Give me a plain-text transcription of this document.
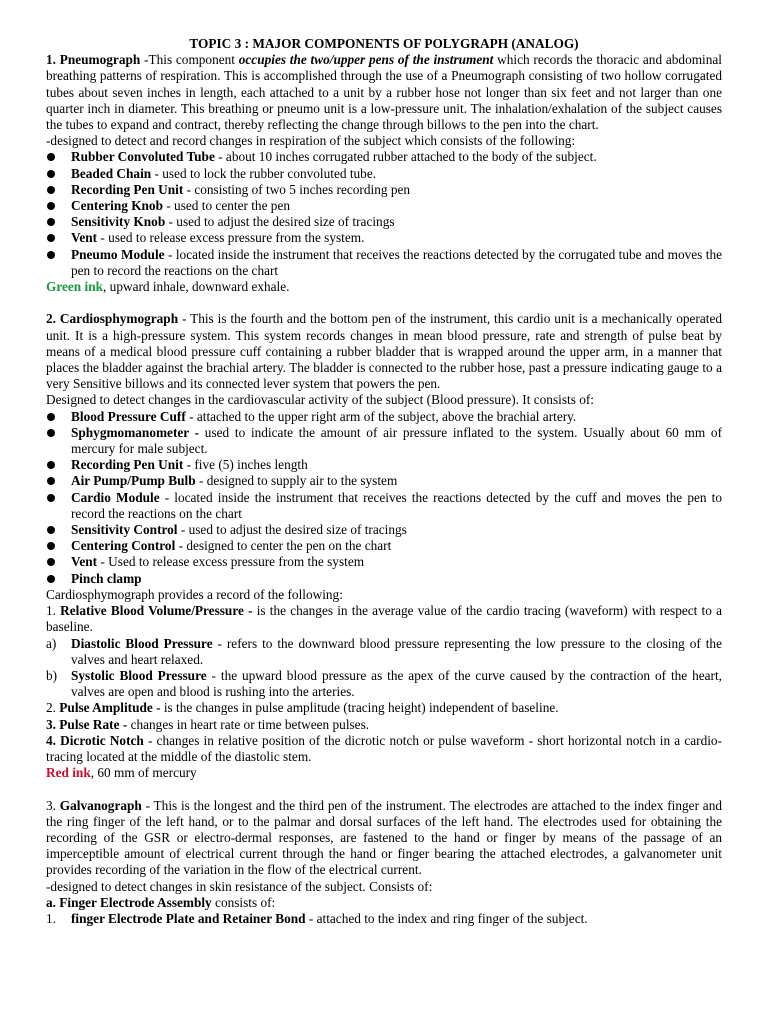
TOPIC 3 : MAJOR COMPONENTS OF POLYGRAPH (ANALOG)

1. Pneumograph -This component occupies the two/upper pens of the instrument which records the thoracic and abdominal breathing patterns of respiration. This is accomplished through the use of a Pneumograph consisting of two hollow corrugated tubes about seven inches in length, each attached to a unit by a rubber hose not longer than six feet and not larger than one quarter inch in diameter. This breathing or pneumo unit is a low-pressure unit. The inhalation/exhalation of the subject causes the tubes to expand and contract, thereby reflecting the change through billows to the pen into the chart.

-designed to detect and record changes in respiration of the subject which consists of the following:

Rubber Convoluted Tube - about 10 inches corrugated rubber attached to the body of the subject.
Beaded Chain - used to lock the rubber convoluted tube.
Recording Pen Unit - consisting of two 5 inches recording pen
Centering Knob - used to center the pen
Sensitivity Knob - used to adjust the desired size of tracings
Vent - used to release excess pressure from the system.
Pneumo Module - located inside the instrument that receives the reactions detected by the corrugated tube and moves the pen to record the reactions on the chart

Green ink, upward inhale, downward exhale.

2. Cardiosphymograph - This is the fourth and the bottom pen of the instrument, this cardio unit is a mechanically operated unit. It is a high-pressure system. This system records changes in mean blood pressure, rate and strength of pulse beat by means of a medical blood pressure cuff containing a rubber bladder that is wrapped around the upper arm, in a manner that places the bladder against the brachial artery. The bladder is connected to the rubber hose, past a pressure indicating gauge to a very Sensitive billows and its connected lever system that powers the pen.

Designed to detect changes in the cardiovascular activity of the subject (Blood pressure). It consists of:

Blood Pressure Cuff - attached to the upper right arm of the subject, above the brachial artery.
Sphygmomanometer - used to indicate the amount of air pressure inflated to the system. Usually about 60 mm of mercury for male subject.
Recording Pen Unit - five (5) inches length
Air Pump/Pump Bulb - designed to supply air to the system
Cardio Module - located inside the instrument that receives the reactions detected by the cuff and moves the pen to record the reactions on the chart
Sensitivity Control - used to adjust the desired size of tracings
Centering Control - designed to center the pen on the chart
Vent - Used to release excess pressure from the system
Pinch clamp

Cardiosphymograph provides a record of the following:

1. Relative Blood Volume/Pressure - is the changes in the average value of the cardio tracing (waveform) with respect to a baseline.

a) Diastolic Blood Pressure - refers to the downward blood pressure representing the low pressure to the closing of the valves and heart relaxed.
b) Systolic Blood Pressure - the upward blood pressure as the apex of the curve caused by the contraction of the heart, valves are open and blood is rushing into the arteries.

2. Pulse Amplitude - is the changes in pulse amplitude (tracing height) independent of baseline.

3. Pulse Rate - changes in heart rate or time between pulses.

4. Dicrotic Notch - changes in relative position of the dicrotic notch or pulse waveform - short horizontal notch in a cardio-tracing located at the middle of the diastolic stem.

Red ink, 60 mm of mercury

3. Galvanograph - This is the longest and the third pen of the instrument. The electrodes are attached to the index finger and the ring finger of the left hand, or to the palmar and dorsal surfaces of the left hand. The electrodes used for obtaining the recording of the GSR or electro-dermal responses, are fastened to the hand or finger by means of the passage of an imperceptible amount of electrical current through the hand or finger bearing the attached electrodes, a galvanometer unit provides recording of the variation in the flow of the electrical current.

-designed to detect changes in skin resistance of the subject. Consists of:

a. Finger Electrode Assembly consists of:

1. finger Electrode Plate and Retainer Bond - attached to the index and ring finger of the subject.
